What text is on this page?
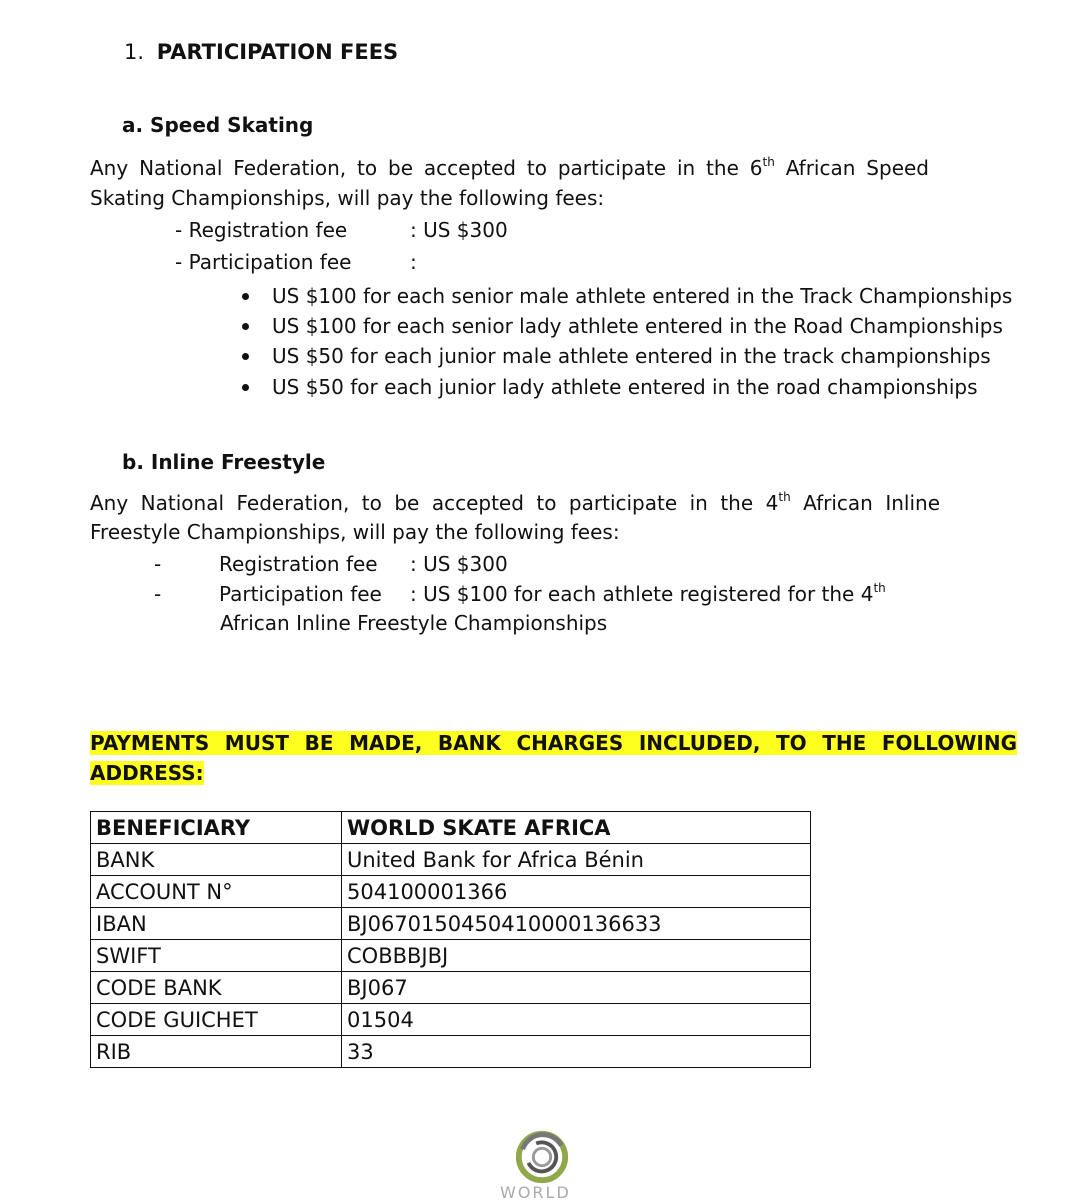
1. PARTICIPATION FEES
a. Speed Skating
Any National Federation, to be accepted to participate in the 6th African Speed
Skating Championships, will pay the following fees:
- Registration fee	: US $300
- Participation fee	:
US $100 for each senior male athlete entered in the Track Championships
US $100 for each senior lady athlete entered in the Road Championships
US $50 for each junior male athlete entered in the track championships
US $50 for each junior lady athlete entered in the road championships
b. Inline Freestyle
Any National Federation, to be accepted to participate in the 4th African Inline
Freestyle Championships, will pay the following fees:
-	Registration fee : US $300
-	Participation fee : US $100 for each athlete registered for the 4th
African Inline Freestyle Championships
PAYMENTS MUST BE MADE, BANK CHARGES INCLUDED, TO THE FOLLOWING
ADDRESS:
BENEFICIARY	WORLD SKATE AFRICA
BANK	United Bank for Africa Bénin
ACCOUNT N°	504100001366
IBAN	BJ0670150450410000136633
SWIFT	COBBBJBJ
CODE BANK	BJ067
CODE GUICHET	01504
RIB	33
WORLD
